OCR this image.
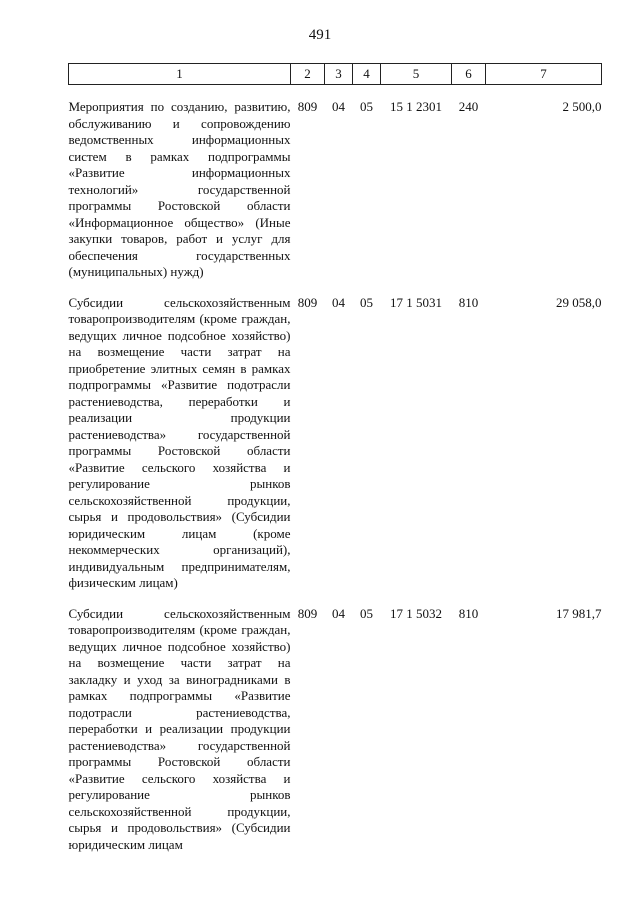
491
1	2	3	4	5	6	7

Мероприятия по созданию, развитию, обслуживанию и сопровождению ведомственных информационных систем в рамках подпрограммы «Развитие информационных технологий» государственной программы Ростовской области «Информационное общество» (Иные закупки товаров, работ и услуг для обеспечения государственных (муниципальных) нужд)	809	04	05	15 1 2301	240	2 500,0

Субсидии сельскохозяйственным товаропроизводителям (кроме граждан, ведущих личное подсобное хозяйство) на возмещение части затрат на приобретение элитных семян в рамках подпрограммы «Развитие подотрасли растениеводства, переработки и реализации продукции растениеводства» государственной программы Ростовской области «Развитие сельского хозяйства и регулирование рынков сельскохозяйственной продукции, сырья и продовольствия» (Субсидии юридическим лицам (кроме некоммерческих организаций), индивидуальным предпринимателям, физическим лицам)	809	04	05	17 1 5031	810	29 058,0

Субсидии сельскохозяйственным товаропроизводителям (кроме граждан, ведущих личное подсобное хозяйство) на возмещение части затрат на закладку и уход за виноградниками в рамках подпрограммы «Развитие подотрасли растениеводства, переработки и реализации продукции растениеводства» государственной программы Ростовской области «Развитие сельского хозяйства и регулирование рынков сельскохозяйственной продукции, сырья и продовольствия» (Субсидии юридическим лицам	809	04	05	17 1 5032	810	17 981,7
